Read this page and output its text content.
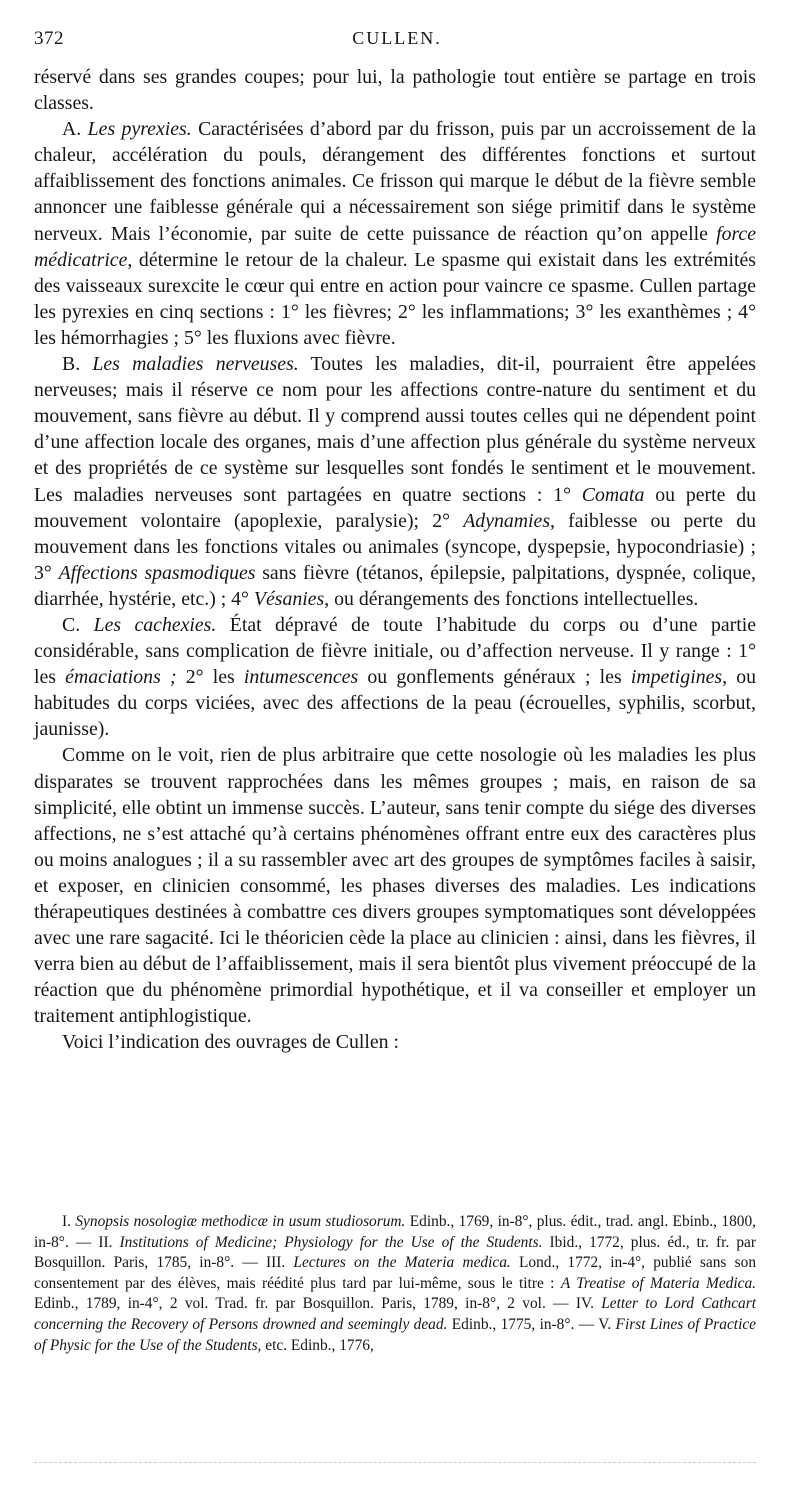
372	CULLEN.

réservé dans ses grandes coupes; pour lui, la pathologie tout entière se partage en trois classes.

A. Les pyrexies. Caractérisées d’abord par du frisson, puis par un accroissement de la chaleur, accélération du pouls, dérangement des différentes fonctions et surtout affaiblissement des fonctions animales. Ce frisson qui marque le début de la fièvre semble annoncer une faiblesse générale qui a nécessairement son siége primitif dans le système nerveux. Mais l’économie, par suite de cette puissance de réaction qu’on appelle force médicatrice, détermine le retour de la chaleur. Le spasme qui existait dans les extrémités des vaisseaux surexcite le cœur qui entre en action pour vaincre ce spasme. Cullen partage les pyrexies en cinq sections : 1° les fièvres; 2° les inflammations; 3° les exanthèmes ; 4° les hémorrhagies ; 5° les fluxions avec fièvre.

B. Les maladies nerveuses. Toutes les maladies, dit-il, pourraient être appelées nerveuses; mais il réserve ce nom pour les affections contre-nature du sentiment et du mouvement, sans fièvre au début. Il y comprend aussi toutes celles qui ne dépendent point d’une affection locale des organes, mais d’une affection plus générale du système nerveux et des propriétés de ce système sur lesquelles sont fondés le sentiment et le mouvement. Les maladies nerveuses sont partagées en quatre sections : 1° Comata ou perte du mouvement volontaire (apoplexie, paralysie); 2° Adynamies, faiblesse ou perte du mouvement dans les fonctions vitales ou animales (syncope, dyspepsie, hypocondriasie) ; 3° Affections spasmodiques sans fièvre (tétanos, épilepsie, palpitations, dyspnée, colique, diarrhée, hystérie, etc.) ; 4° Vésanies, ou dérangements des fonctions intellectuelles.

C. Les cachexies. État dépravé de toute l’habitude du corps ou d’une partie considérable, sans complication de fièvre initiale, ou d’affection nerveuse. Il y range : 1° les émaciations ; 2° les intumescences ou gonflements généraux ; les impetigines, ou habitudes du corps viciées, avec des affections de la peau (écrouelles, syphilis, scorbut, jaunisse).

Comme on le voit, rien de plus arbitraire que cette nosologie où les maladies les plus disparates se trouvent rapprochées dans les mêmes groupes ; mais, en raison de sa simplicité, elle obtint un immense succès. L’auteur, sans tenir compte du siége des diverses affections, ne s’est attaché qu’à certains phénomènes offrant entre eux des caractères plus ou moins analogues ; il a su rassembler avec art des groupes de symptômes faciles à saisir, et exposer, en clinicien consommé, les phases diverses des maladies. Les indications thérapeutiques destinées à combattre ces divers groupes symptomatiques sont développées avec une rare sagacité. Ici le théoricien cède la place au clinicien : ainsi, dans les fièvres, il verra bien au début de l’affaiblissement, mais il sera bientôt plus vivement préoccupé de la réaction que du phénomène primordial hypothétique, et il va conseiller et employer un traitement antiphlogistique.

Voici l’indication des ouvrages de Cullen :

I. Synopsis nosologiæ methodicæ in usum studiosorum. Edinb., 1769, in-8°, plus. édit., trad. angl. Ebinb., 1800, in-8°. — II. Institutions of Medicine; Physiology for the Use of the Students. Ibid., 1772, plus. éd., tr. fr. par Bosquillon. Paris, 1785, in-8°. — III. Lectures on the Materia medica. Lond., 1772, in-4°, publié sans son consentement par des élèves, mais réédité plus tard par lui-même, sous le titre : A Treatise of Materia Medica. Edinb., 1789, in-4°, 2 vol. Trad. fr. par Bosquillon. Paris, 1789, in-8°, 2 vol. — IV. Letter to Lord Cathcart concerning the Recovery of Persons drowned and seemingly dead. Edinb., 1775, in-8°. — V. First Lines of Practice of Physic for the Use of the Students, etc. Edinb., 1776,
